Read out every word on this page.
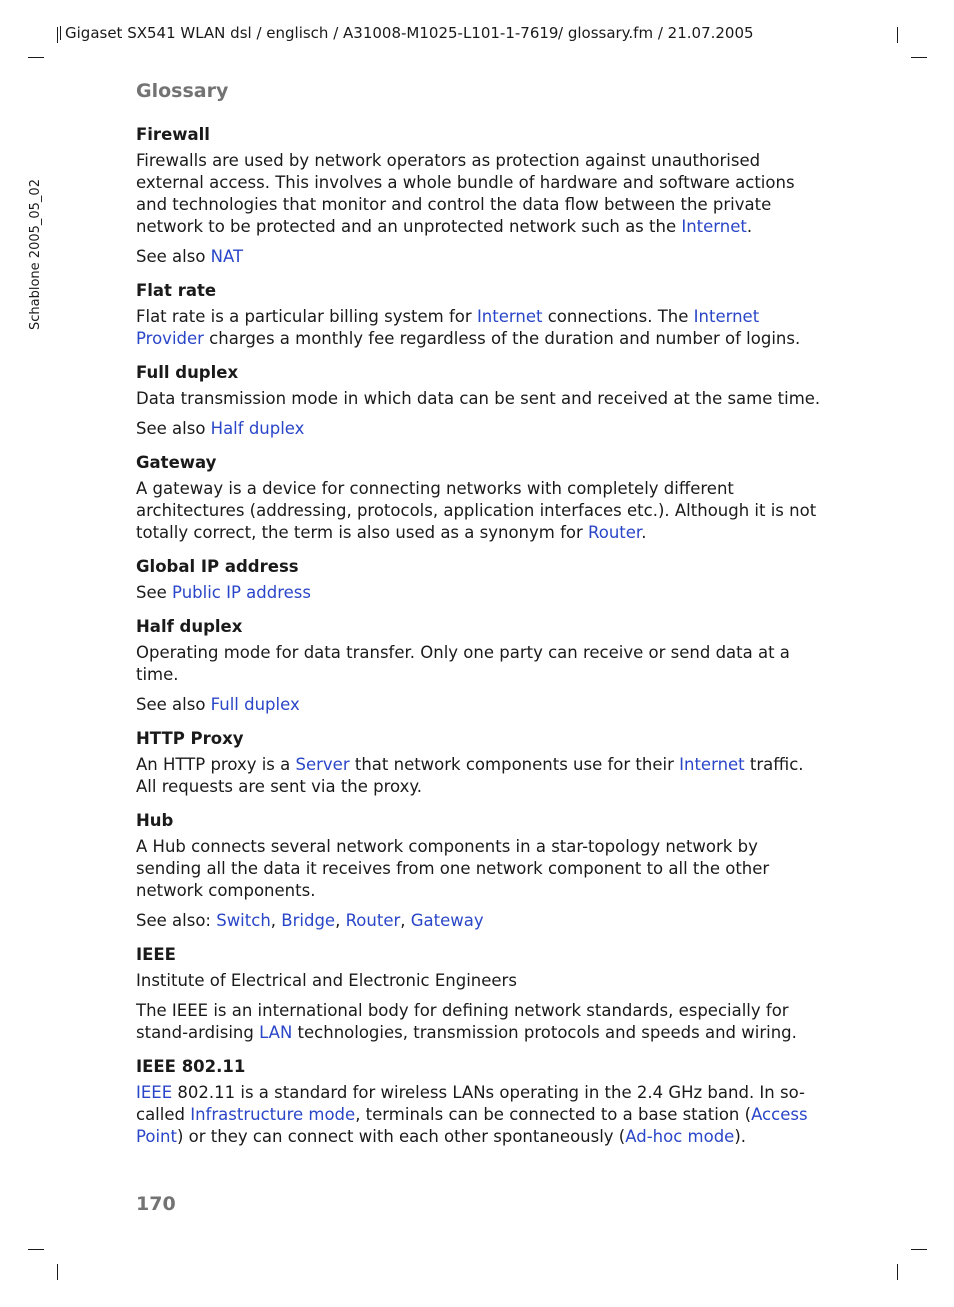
Gigaset SX541 WLAN dsl / englisch / A31008-M1025-L101-1-7619 / glossary.fm / 21.07.2005
Schablone 2005_05_02
Glossary
Firewall

Firewalls are used by network operators as protection against unauthorised external access. This involves a whole bundle of hardware and software actions and technologies that monitor and control the data flow between the private network to be protected and an unprotected network such as the Internet.

See also NAT

Flat rate

Flat rate is a particular billing system for Internet connections. The Internet Provider charges a monthly fee regardless of the duration and number of logins.

Full duplex

Data transmission mode in which data can be sent and received at the same time.

See also Half duplex

Gateway

A gateway is a device for connecting networks with completely different architectures (addressing, protocols, application interfaces etc.). Although it is not totally correct, the term is also used as a synonym for Router.

Global IP address

See Public IP address

Half duplex

Operating mode for data transfer. Only one party can receive or send data at a time.

See also Full duplex

HTTP Proxy

An HTTP proxy is a Server that network components use for their Internet traffic. All requests are sent via the proxy.

Hub

A Hub connects several network components in a star-topology network by sending all the data it receives from one network component to all the other network components.

See also: Switch, Bridge, Router, Gateway

IEEE

Institute of Electrical and Electronic Engineers

The IEEE is an international body for defining network standards, especially for stand-ardising LAN technologies, transmission protocols and speeds and wiring.

IEEE 802.11

IEEE 802.11 is a standard for wireless LANs operating in the 2.4 GHz band. In so-called Infrastructure mode, terminals can be connected to a base station (Access Point) or they can connect with each other spontaneously (Ad-hoc mode).

170
